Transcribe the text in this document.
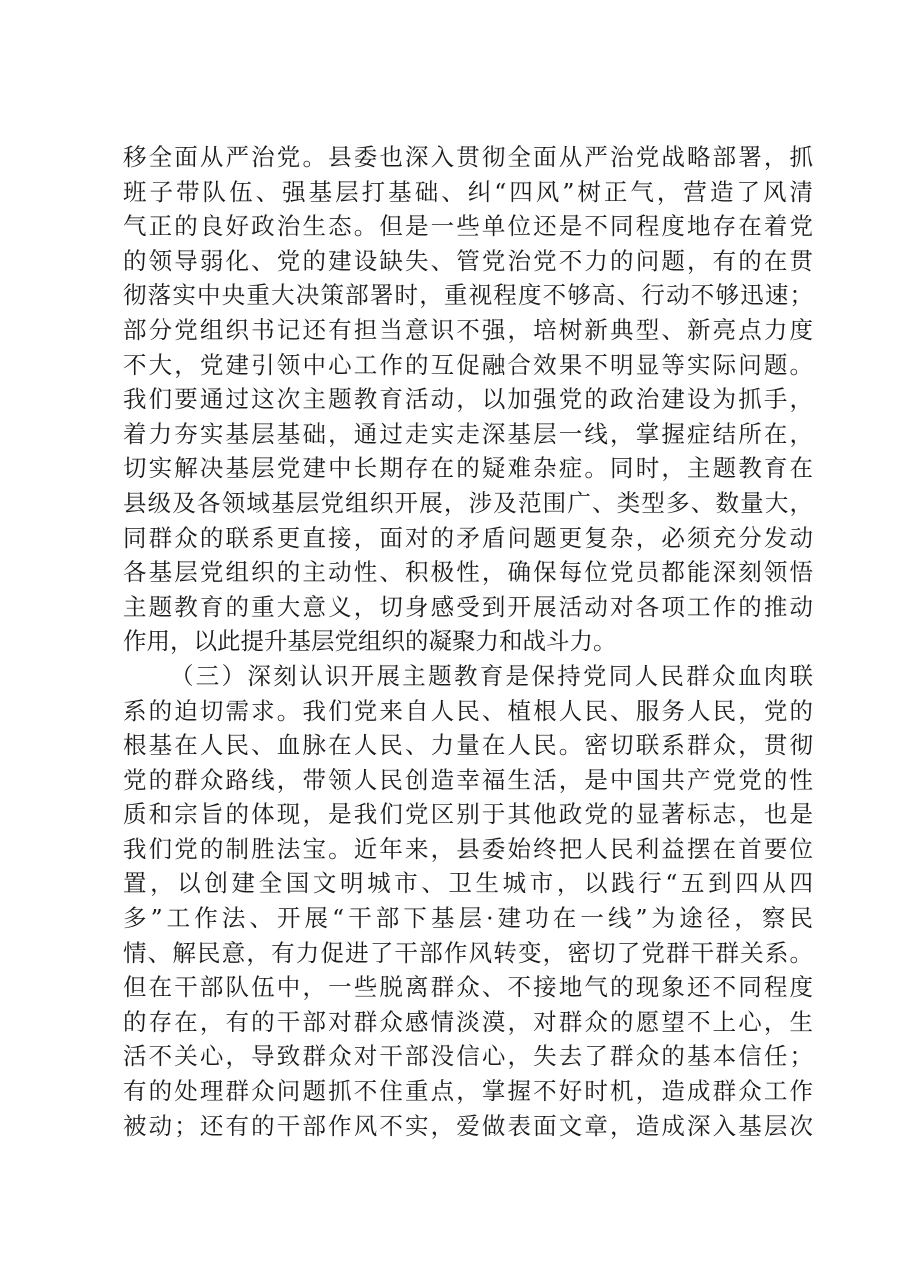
移全面从严治党。县委也深入贯彻全面从严治党战略部署，抓
班子带队伍、强基层打基础、纠“四风”树正气，营造了风清
气正的良好政治生态。但是一些单位还是不同程度地存在着党
的领导弱化、党的建设缺失、管党治党不力的问题，有的在贯
彻落实中央重大决策部署时，重视程度不够高、行动不够迅速；
部分党组织书记还有担当意识不强，培树新典型、新亮点力度
不大，党建引领中心工作的互促融合效果不明显等实际问题。
我们要通过这次主题教育活动，以加强党的政治建设为抓手，
着力夯实基层基础，通过走实走深基层一线，掌握症结所在，
切实解决基层党建中长期存在的疑难杂症。同时，主题教育在
县级及各领域基层党组织开展，涉及范围广、类型多、数量大，
同群众的联系更直接，面对的矛盾问题更复杂，必须充分发动
各基层党组织的主动性、积极性，确保每位党员都能深刻领悟
主题教育的重大意义，切身感受到开展活动对各项工作的推动
作用，以此提升基层党组织的凝聚力和战斗力。
（三）深刻认识开展主题教育是保持党同人民群众血肉联
系的迫切需求。我们党来自人民、植根人民、服务人民，党的
根基在人民、血脉在人民、力量在人民。密切联系群众，贯彻
党的群众路线，带领人民创造幸福生活，是中国共产党党的性
质和宗旨的体现，是我们党区别于其他政党的显著标志，也是
我们党的制胜法宝。近年来，县委始终把人民利益摆在首要位
置，以创建全国文明城市、卫生城市，以践行“五到四从四
多”工作法、开展“干部下基层·建功在一线”为途径，察民
情、解民意，有力促进了干部作风转变，密切了党群干群关系。
但在干部队伍中，一些脱离群众、不接地气的现象还不同程度
的存在，有的干部对群众感情淡漠，对群众的愿望不上心，生
活不关心，导致群众对干部没信心，失去了群众的基本信任；
有的处理群众问题抓不住重点，掌握不好时机，造成群众工作
被动；还有的干部作风不实，爱做表面文章，造成深入基层次
